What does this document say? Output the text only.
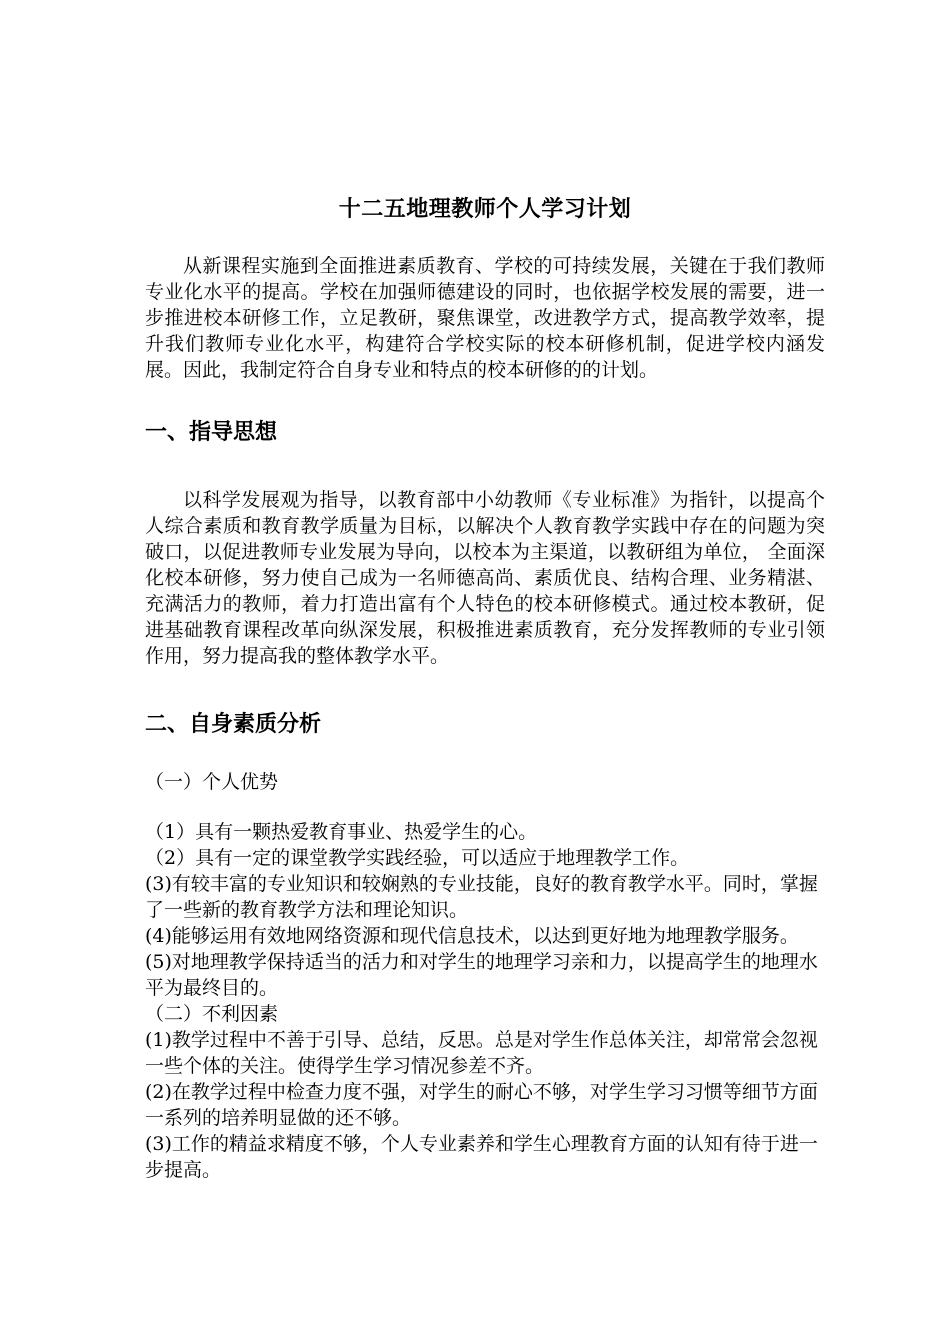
十二五地理教师个人学习计划

从新课程实施到全面推进素质教育、学校的可持续发展，关键在于我们教师专业化水平的提高。学校在加强师德建设的同时，也依据学校发展的需要，进一步推进校本研修工作，立足教研，聚焦课堂，改进教学方式，提高教学效率，提升我们教师专业化水平，构建符合学校实际的校本研修机制，促进学校内涵发展。因此，我制定符合自身专业和特点的校本研修的的计划。

一、指导思想

以科学发展观为指导，以教育部中小幼教师《专业标准》为指针，以提高个人综合素质和教育教学质量为目标，以解决个人教育教学实践中存在的问题为突破口，以促进教师专业发展为导向，以校本为主渠道，以教研组为单位， 全面深化校本研修，努力使自己成为一名师德高尚、素质优良、结构合理、业务精湛、充满活力的教师，着力打造出富有个人特色的校本研修模式。通过校本教研，促进基础教育课程改革向纵深发展，积极推进素质教育，充分发挥教师的专业引领作用，努力提高我的整体教学水平。

二、自身素质分析

（一）个人优势

（1）具有一颗热爱教育事业、热爱学生的心。

（2）具有一定的课堂教学实践经验，可以适应于地理教学工作。

(3)有较丰富的专业知识和较娴熟的专业技能，良好的教育教学水平。同时，掌握了一些新的教育教学方法和理论知识。

(4)能够运用有效地网络资源和现代信息技术，以达到更好地为地理教学服务。

(5)对地理教学保持适当的活力和对学生的地理学习亲和力，以提高学生的地理水平为最终目的。

（二）不利因素

(1)教学过程中不善于引导、总结，反思。总是对学生作总体关注，却常常会忽视一些个体的关注。使得学生学习情况参差不齐。

(2)在教学过程中检查力度不强，对学生的耐心不够，对学生学习习惯等细节方面一系列的培养明显做的还不够。

(3)工作的精益求精度不够，个人专业素养和学生心理教育方面的认知有待于进一步提高。
